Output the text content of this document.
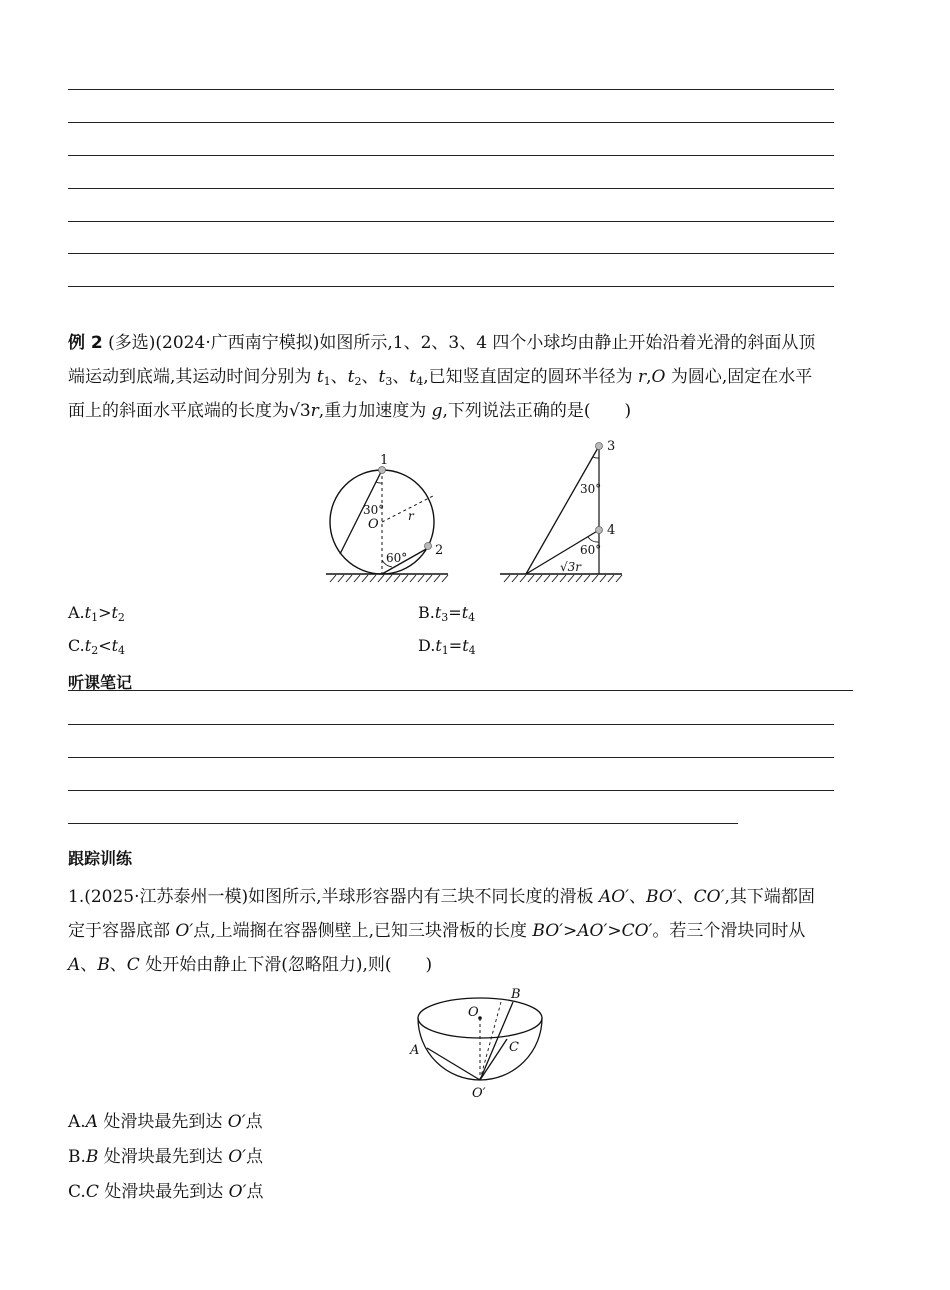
例 2 (多选)(2024·广西南宁模拟)如图所示,1、2、3、4 四个小球均由静止开始沿着光滑的斜面从顶
端运动到底端,其运动时间分别为 $t_1$、$t_2$、$t_3$、$t_4$,已知竖直固定的圆环半径为 r,O 为圆心,固定在水平
面上的斜面水平底端的长度为√3r,重力加速度为 g,下列说法正确的是(　　)
1
2
30°
O
r
60°
3
4
30°
60°
√3r
$A.t_1>t_2$	$B.t_3=t_4$
$C.t_2<t_4$	$D.t_1=t_4$
听课笔记
跟踪训练
1.(2025·江苏泰州一模)如图所示,半球形容器内有三块不同长度的滑板 AO′、BO′、CO′,其下端都固
定于容器底部 O′点,上端搁在容器侧壁上,已知三块滑板的长度 BO′>AO′>CO′。若三个滑块同时从
A、B、C 处开始由静止下滑(忽略阻力),则(　　)
O
B
A	C
O′
A.A 处滑块最先到达 O′点
B.B 处滑块最先到达 O′点
C.C 处滑块最先到达 O′点
